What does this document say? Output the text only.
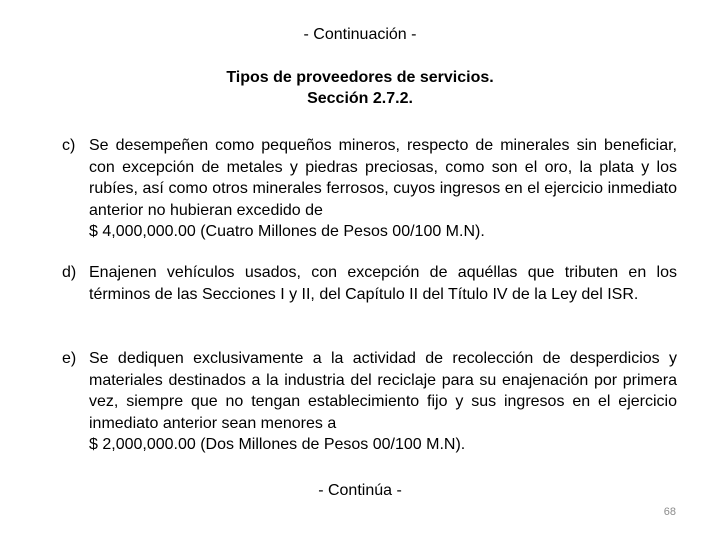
- Continuación -
Tipos de proveedores de servicios.
Sección 2.7.2.
c) Se desempeñen como pequeños mineros, respecto de minerales sin beneficiar, con excepción de metales y piedras preciosas, como son el oro, la plata y los rubíes, así como otros minerales ferrosos, cuyos ingresos en el ejercicio inmediato anterior no hubieran excedido de
$ 4,000,000.00 (Cuatro Millones de Pesos 00/100 M.N).
d) Enajenen vehículos usados, con excepción de aquéllas que tributen en los términos de las Secciones I y II, del Capítulo II del Título IV de la Ley del ISR.
e) Se dediquen exclusivamente a la actividad de recolección de desperdicios y materiales destinados a la industria del reciclaje para su enajenación por primera vez, siempre que no tengan establecimiento fijo y sus ingresos en el ejercicio inmediato anterior sean menores a
$ 2,000,000.00 (Dos Millones de Pesos 00/100 M.N).
- Continúa -
68
